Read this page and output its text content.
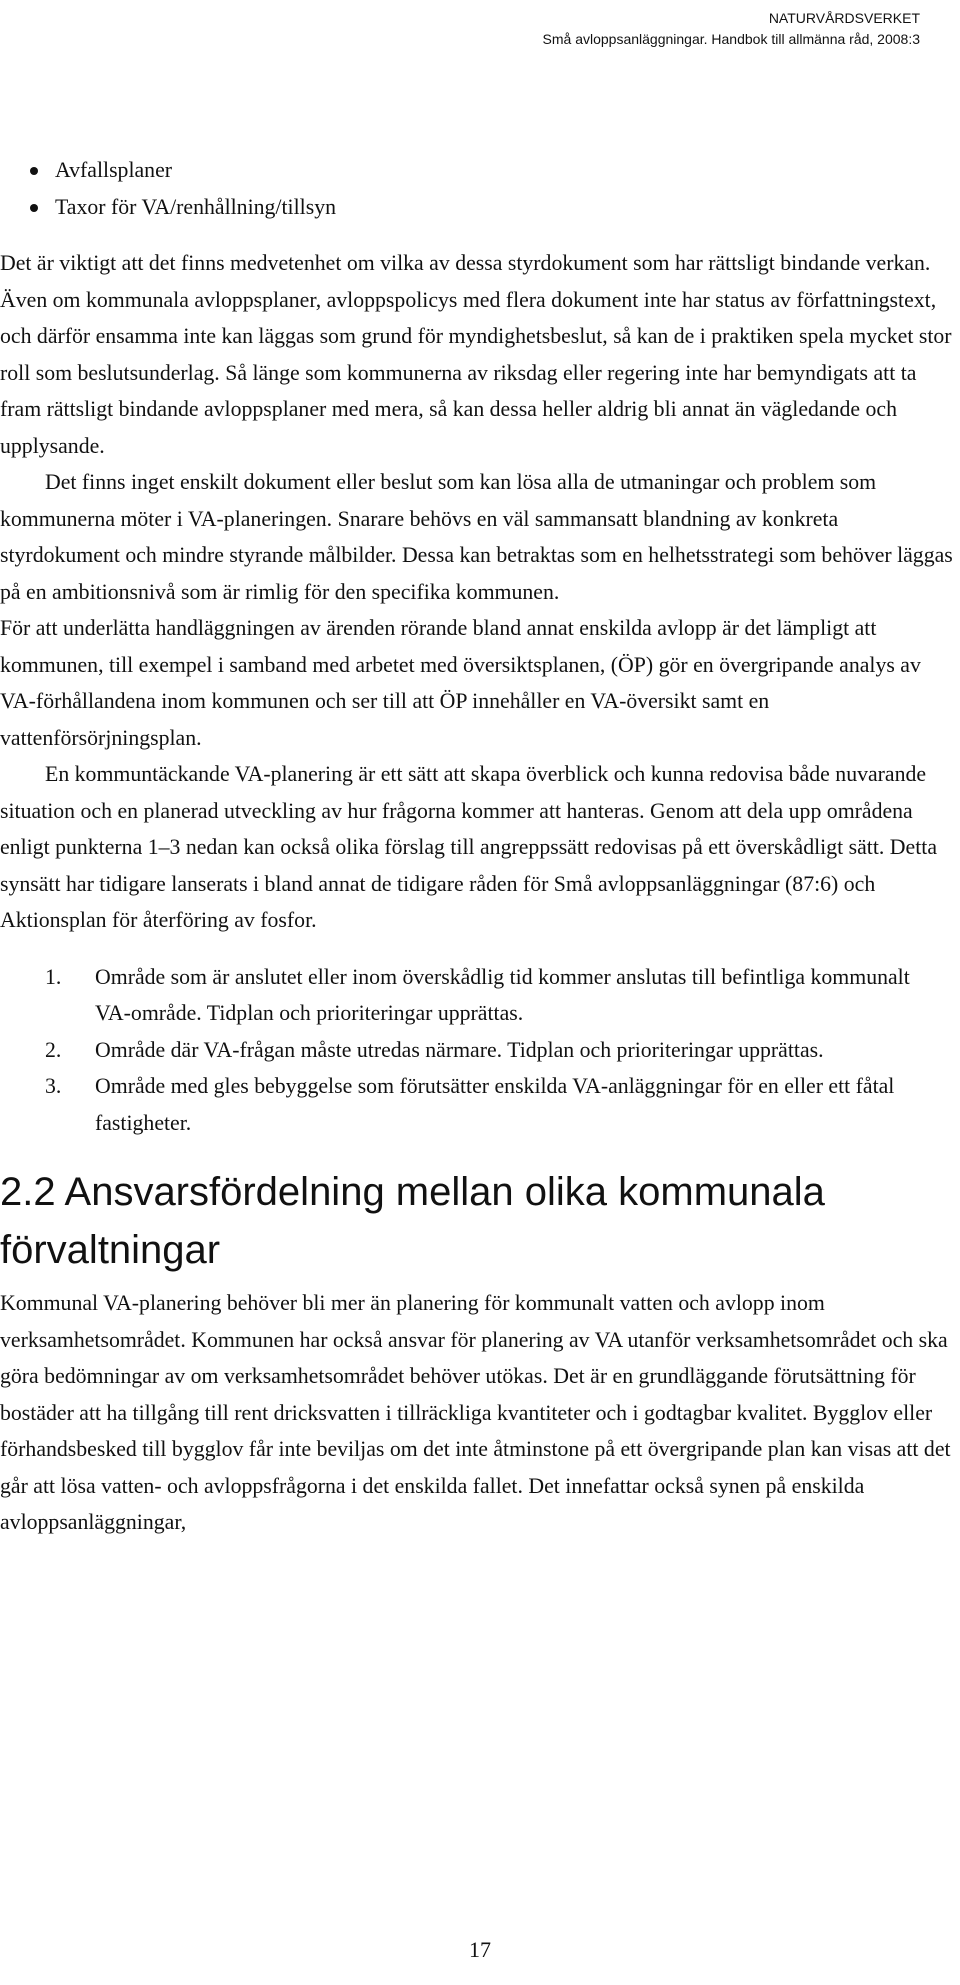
NATURVÅRDSVERKET
Små avloppsanläggningar. Handbok till allmänna råd, 2008:3
Avfallsplaner
Taxor för VA/renhållning/tillsyn

Det är viktigt att det finns medvetenhet om vilka av dessa styrdokument som har rättsligt bindande verkan. Även om kommunala avloppsplaner, avloppspolicys med flera dokument inte har status av författningstext, och därför ensamma inte kan läggas som grund för myndighetsbeslut, så kan de i praktiken spela mycket stor roll som beslutsunderlag. Så länge som kommunerna av riksdag eller regering inte har bemyndigats att ta fram rättsligt bindande avloppsplaner med mera, så kan dessa heller aldrig bli annat än vägledande och upplysande.

Det finns inget enskilt dokument eller beslut som kan lösa alla de utmaningar och problem som kommunerna möter i VA-planeringen. Snarare behövs en väl sammansatt blandning av konkreta styrdokument och mindre styrande målbilder. Dessa kan betraktas som en helhetsstrategi som behöver läggas på en ambitionsnivå som är rimlig för den specifika kommunen.

För att underlätta handläggningen av ärenden rörande bland annat enskilda avlopp är det lämpligt att kommunen, till exempel i samband med arbetet med översiktsplanen, (ÖP) gör en övergripande analys av VA-förhållandena inom kommunen och ser till att ÖP innehåller en VA-översikt samt en vattenförsörjningsplan.

En kommuntäckande VA-planering är ett sätt att skapa överblick och kunna redovisa både nuvarande situation och en planerad utveckling av hur frågorna kommer att hanteras. Genom att dela upp områdena enligt punkterna 1–3 nedan kan också olika förslag till angreppssätt redovisas på ett överskådligt sätt. Detta synsätt har tidigare lanserats i bland annat de tidigare råden för Små avloppsanläggningar (87:6) och Aktionsplan för återföring av fosfor.

1. Område som är anslutet eller inom överskådlig tid kommer anslutas till befintliga kommunalt VA-område. Tidplan och prioriteringar upprättas.
2. Område där VA-frågan måste utredas närmare. Tidplan och prioriteringar upprättas.
3. Område med gles bebyggelse som förutsätter enskilda VA-anläggningar för en eller ett fåtal fastigheter.
2.2 Ansvarsfördelning mellan olika kommunala förvaltningar

Kommunal VA-planering behöver bli mer än planering för kommunalt vatten och avlopp inom verksamhetsområdet. Kommunen har också ansvar för planering av VA utanför verksamhetsområdet och ska göra bedömningar av om verksamhetsområdet behöver utökas. Det är en grundläggande förutsättning för bostäder att ha tillgång till rent dricksvatten i tillräckliga kvantiteter och i godtagbar kvalitet. Bygglov eller förhandsbesked till bygglov får inte beviljas om det inte åtminstone på ett övergripande plan kan visas att det går att lösa vatten- och avloppsfrågorna i det enskilda fallet. Det innefattar också synen på enskilda avloppsanläggningar,

17
